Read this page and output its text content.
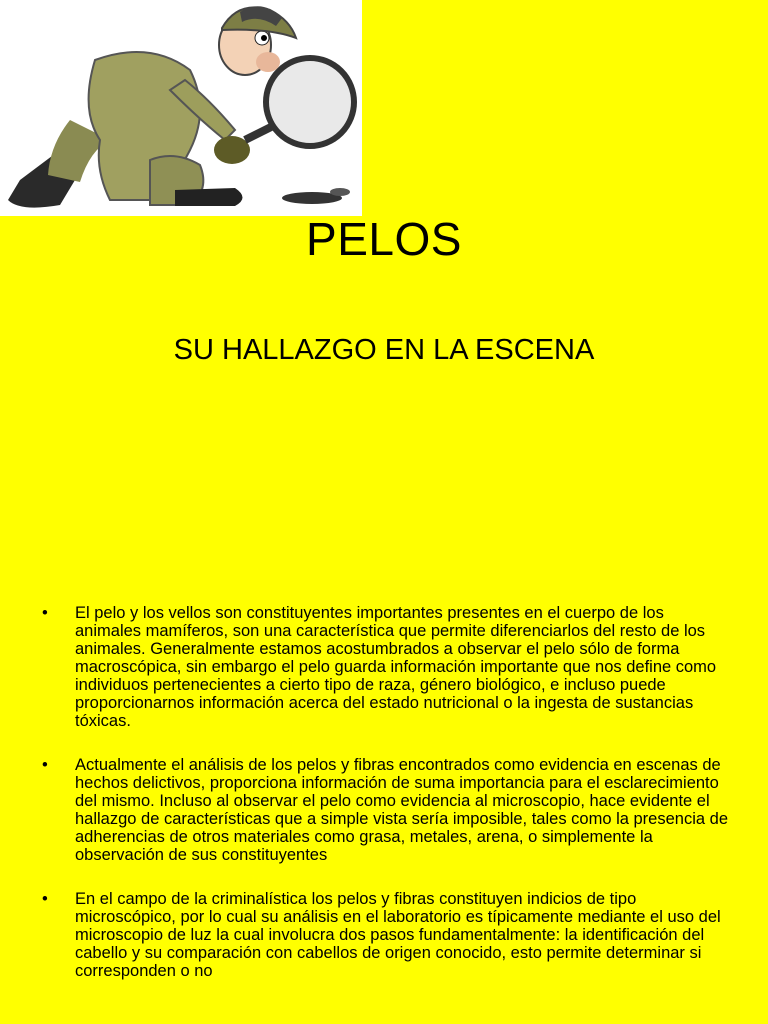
PELOS
SU HALLAZGO EN LA ESCENA
• El pelo y los vellos son constituyentes importantes presentes en el cuerpo de los animales mamíferos, son una característica que permite diferenciarlos del resto de los animales. Generalmente estamos acostumbrados a observar el pelo sólo de forma macroscópica, sin embargo el pelo guarda información importante que nos define como individuos pertenecientes a cierto tipo de raza, género biológico, e incluso puede proporcionarnos información acerca del estado nutricional o la ingesta de sustancias tóxicas.
• Actualmente el análisis de los pelos y fibras encontrados como evidencia en escenas de hechos delictivos, proporciona información de suma importancia para el esclarecimiento del mismo. Incluso al observar el pelo como evidencia al microscopio, hace evidente el hallazgo de características que a simple vista sería imposible, tales como la presencia de adherencias de otros materiales como grasa, metales, arena, o simplemente la observación de sus constituyentes
• En el campo de la criminalística los pelos y fibras constituyen indicios de tipo microscópico, por lo cual su análisis en el laboratorio es típicamente mediante el uso del microscopio de luz la cual involucra dos pasos fundamentalmente: la identificación del cabello y su comparación con cabellos de origen conocido, esto permite determinar si corresponden o no
